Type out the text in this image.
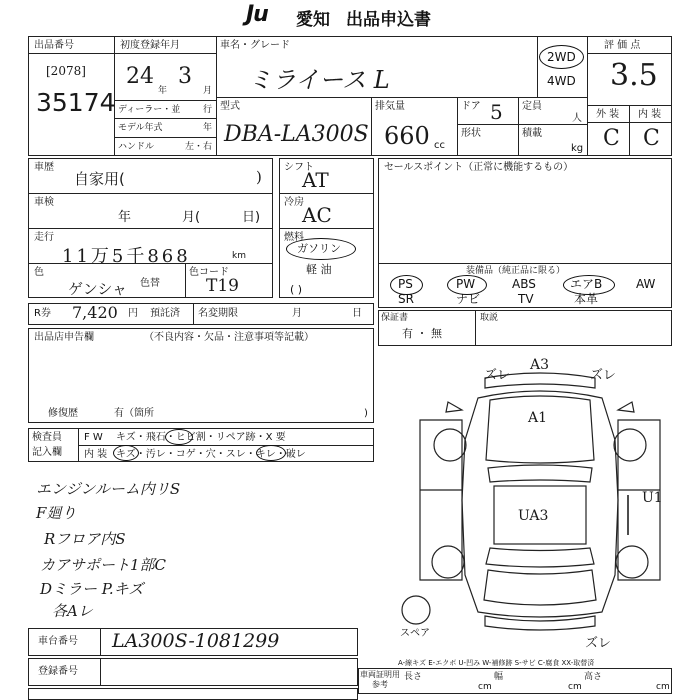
Ju 愛知 出品申込書
出品番号
[2078]
35174
初度登録年月
24
年
3
月
ディーラー・並	行
モデル年式	年
ハンドル	左・右
車名・グレード
ミライース L
2WD
4WD
評 価 点
3.5
外 装 内 装
C C
型式
DBA-LA300S
排気量
660 cc
ドア 5 定員
人
形状	積載
kg
車歴
自家用(	)
車検
年	月(	日)
走行
11万5千868	km
色
ゲンシャ 色替
色コード
T19
シフト
AT
冷房
AC
燃料
ガソリン
軽 油
( )
R券 7,420 円 預託済 名変期限	月	日
セールスポイント（正常に機能するもの）
装備品（純正品に限る）
PS	PW	ABS	エアB	AW
SR	ナビ	TV	本革
保証書
有 ・ 無
取説
出品店申告欄	（不良内容・欠品・注意事項等記載）
修復歴	有（箇所	)
検査員
記入欄
F W キズ・飛石・ヒビ割・リペア跡・X 要
内 装 キズ・汚レ・コゲ・穴・スレ・キレ・破レ
エンジンルーム内リS
F廻り
Rフロア内S
カアサポート1部C
Dミラー P.キズ
各Aレ
ズレ
A3
ズレ
A1
U1
UA3
ズレ
スペア
A-線キズ E-エクボ U-凹み W-補修跡 S-サビ C-腐食 XX-取替済
車台番号 LA300S-1081299
登録番号	車両証明用
参考
長さ
cm
幅
cm
高さ
cm
